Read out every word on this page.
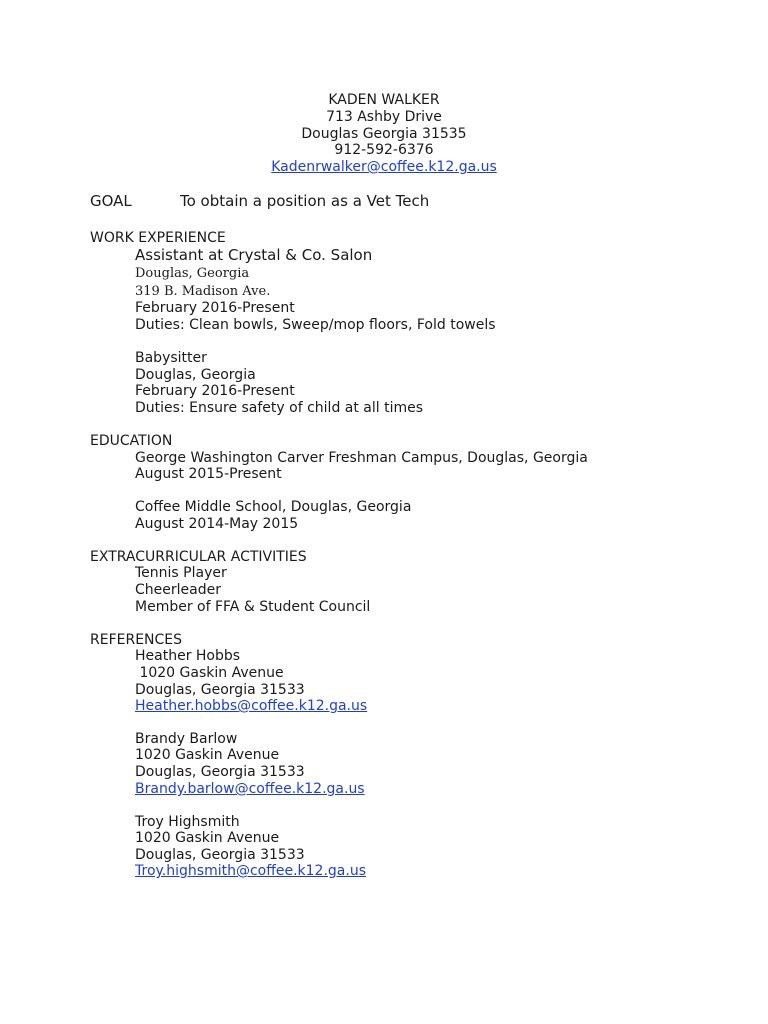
KADEN WALKER
713 Ashby Drive
Douglas Georgia 31535
912-592-6376
Kadenrwalker@coffee.k12.ga.us
GOAL	To obtain a position as a Vet Tech
WORK EXPERIENCE
Assistant at Crystal & Co. Salon
Douglas, Georgia
319 B. Madison Ave.
February 2016-Present
Duties: Clean bowls, Sweep/mop floors, Fold towels
Babysitter
Douglas, Georgia
February 2016-Present
Duties: Ensure safety of child at all times
EDUCATION
George Washington Carver Freshman Campus, Douglas, Georgia
August 2015-Present
Coffee Middle School, Douglas, Georgia
August 2014-May 2015
EXTRACURRICULAR ACTIVITIES
Tennis Player
Cheerleader
Member of FFA & Student Council
REFERENCES
Heather Hobbs
1020 Gaskin Avenue
Douglas, Georgia 31533
Heather.hobbs@coffee.k12.ga.us
Brandy Barlow
1020 Gaskin Avenue
Douglas, Georgia 31533
Brandy.barlow@coffee.k12.ga.us
Troy Highsmith
1020 Gaskin Avenue
Douglas, Georgia 31533
Troy.highsmith@coffee.k12.ga.us
